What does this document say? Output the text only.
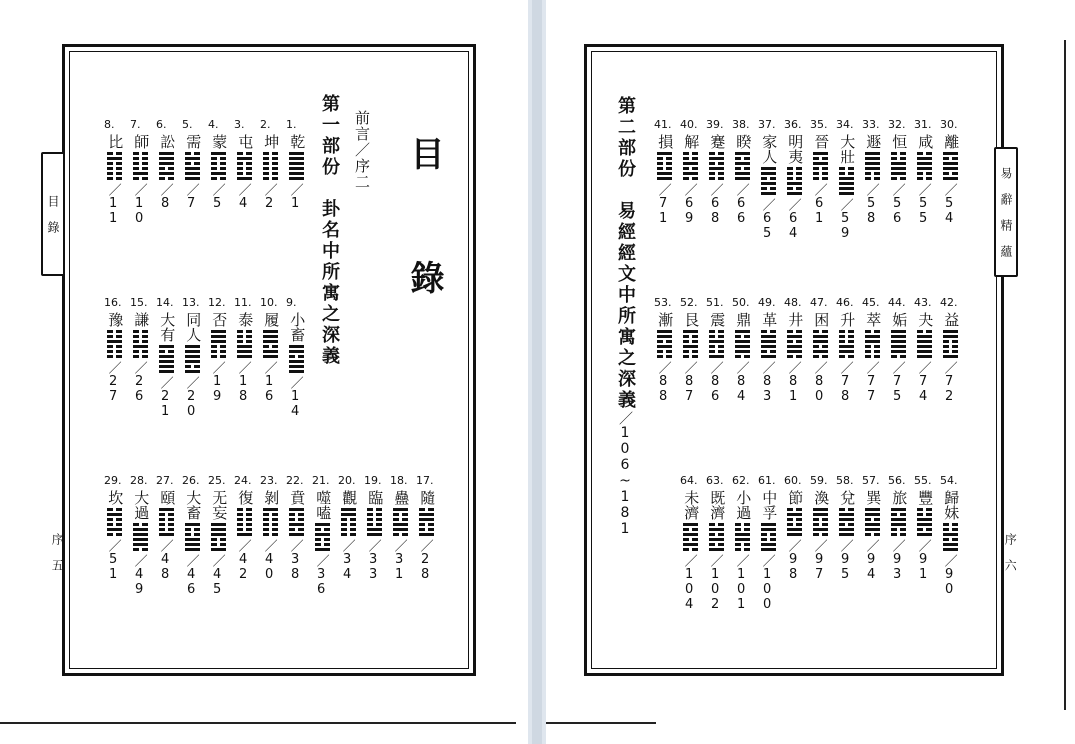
目 錄
序 五
目　錄
前言／序二
第一部份　卦名中所寓之深義
1.
乾
／1
2.
坤
／2
3.
屯
／4
4.
蒙
／5
5.
需
／7
6.
訟
／8
7.
師
／10
8.
比
／11
9.
小畜
／14
10.
履
／16
11.
泰
／18
12.
否
／19
13.
同人
／20
14.
大有
／21
15.
謙
／26
16.
豫
／27
17.
隨
／28
18.
蠱
／31
19.
臨
／33
20.
觀
／34
21.
噬嗑
／36
22.
賁
／38
23.
剝
／40
24.
復
／42
25.
无妄
／45
26.
大畜
／46
27.
頤
／48
28.
大過
／49
29.
坎
／51
易 辭 精 蘊
序 六
第二部份　易經經文中所寓之深義／106~181
30.
離
／54
31.
咸
／55
32.
恒
／56
33.
遯
／58
34.
大壯
／59
35.
晉
／61
36.
明夷
／64
37.
家人
／65
38.
睽
／66
39.
蹇
／68
40.
解
／69
41.
損
／71
42.
益
／72
43.
夬
／74
44.
姤
／75
45.
萃
／77
46.
升
／78
47.
困
／80
48.
井
／81
49.
革
／83
50.
鼎
／84
51.
震
／86
52.
艮
／87
53.
漸
／88
54.
歸妹
／90
55.
豐
／91
56.
旅
／93
57.
巽
／94
58.
兌
／95
59.
渙
／97
60.
節
／98
61.
中孚
／100
62.
小過
／101
63.
既濟
／102
64.
未濟
／104
